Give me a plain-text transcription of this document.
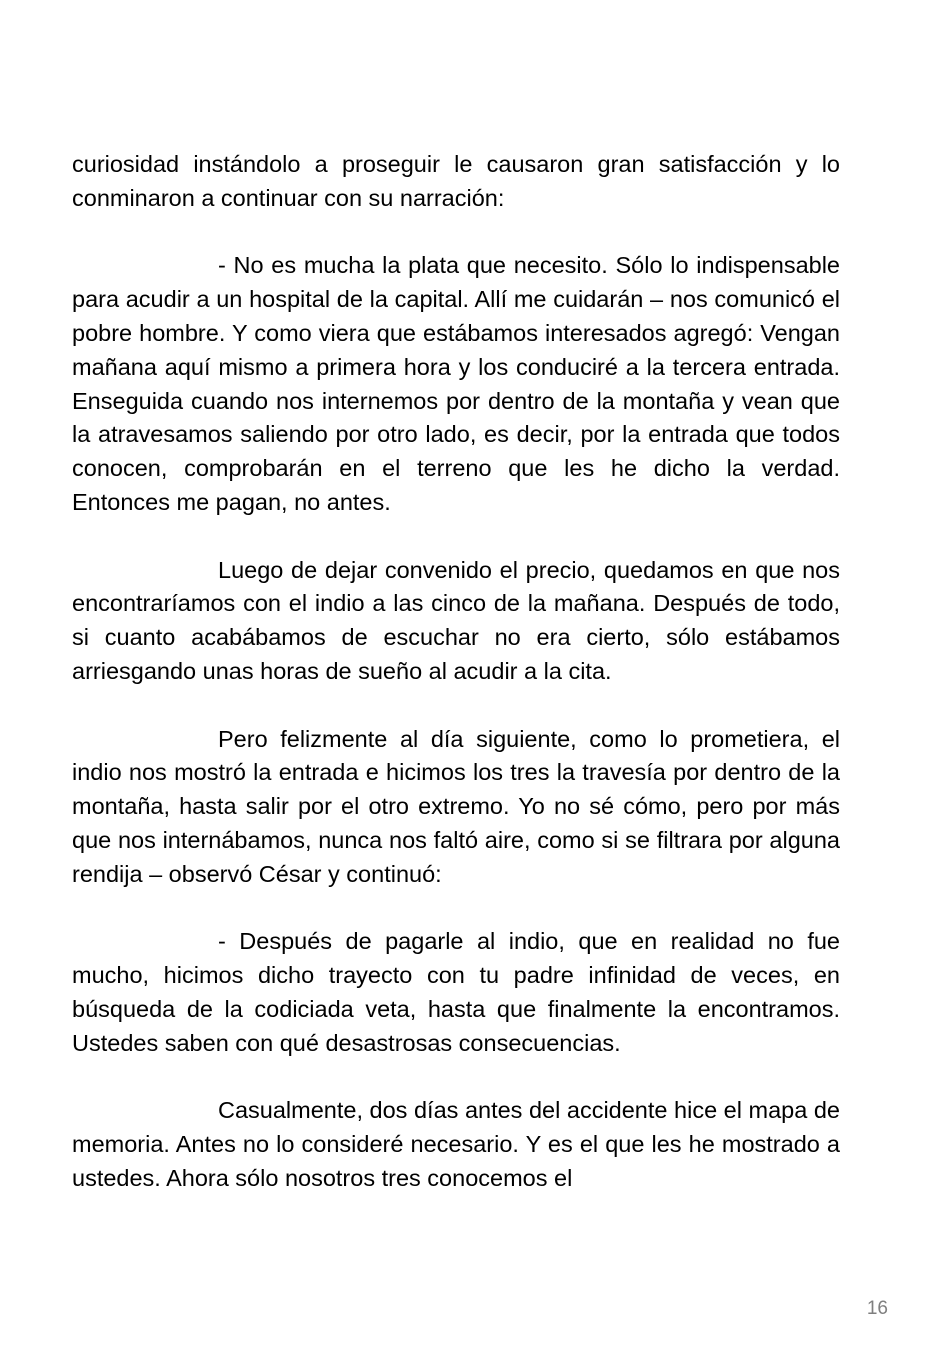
curiosidad instándolo a proseguir le causaron gran satisfacción y lo conminaron a continuar con su narración:

- No es mucha la plata que necesito. Sólo lo indispensable para acudir a un hospital de la capital. Allí me cuidarán – nos comunicó el pobre hombre. Y como viera que estábamos interesados agregó: Vengan mañana aquí mismo a primera hora y los conduciré a la tercera entrada. Enseguida cuando nos internemos por dentro de la montaña y vean que la atravesamos saliendo por otro lado, es decir, por la entrada que todos conocen, comprobarán en el terreno que les he dicho la verdad. Entonces me pagan, no antes.

Luego de dejar convenido el precio, quedamos en que nos encontraríamos con el indio a las cinco de la mañana. Después de todo, si cuanto acabábamos de escuchar no era cierto, sólo estábamos arriesgando unas horas de sueño al acudir a la cita.

Pero felizmente al día siguiente, como lo prometiera, el indio nos mostró la entrada e hicimos los tres la travesía por dentro de la montaña, hasta salir por el otro extremo. Yo no sé cómo, pero por más que nos internábamos, nunca nos faltó aire, como si se filtrara por alguna rendija – observó César y continuó:

- Después de pagarle al indio, que en realidad no fue mucho, hicimos dicho trayecto con tu padre infinidad de veces, en búsqueda de la codiciada veta, hasta que finalmente la encontramos. Ustedes saben con qué desastrosas consecuencias.

Casualmente, dos días antes del accidente hice el mapa de memoria. Antes no lo consideré necesario. Y es el que les he mostrado a ustedes. Ahora sólo nosotros tres conocemos el

16
